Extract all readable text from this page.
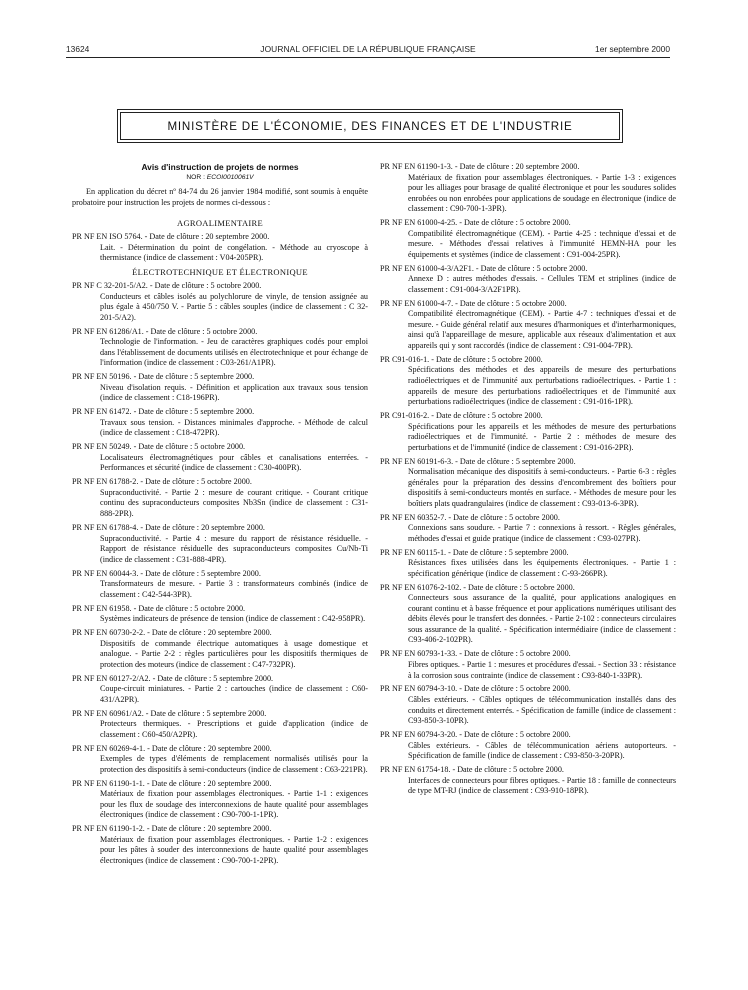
13624	JOURNAL OFFICIEL DE LA RÉPUBLIQUE FRANÇAISE	1er septembre 2000
MINISTÈRE DE L'ÉCONOMIE, DES FINANCES ET DE L'INDUSTRIE
Avis d'instruction de projets de normes
NOR : ECOI0010061V
En application du décret nº 84-74 du 26 janvier 1984 modifié, sont soumis à enquête probatoire pour instruction les projets de normes ci-dessous :
AGROALIMENTAIRE

PR NF EN ISO 5764. - Date de clôture : 20 septembre 2000.
Lait. - Détermination du point de congélation. - Méthode au cryoscope à thermistance (indice de classement : V04-205PR).

ÉLECTROTECHNIQUE ET ÉLECTRONIQUE

PR NF C 32-201-5/A2. - Date de clôture : 5 octobre 2000.
Conducteurs et câbles isolés au polychlorure de vinyle, de tension assignée au plus égale à 450/750 V. - Partie 5 : câbles souples (indice de classement : C 32-201-5/A2).

PR NF EN 61286/A1. - Date de clôture : 5 octobre 2000.
Technologie de l'information. - Jeu de caractères graphiques codés pour emploi dans l'établissement de documents utilisés en électrotechnique et pour échange de l'information (indice de classement : C03-261/A1PR).

PR NF EN 50196. - Date de clôture : 5 septembre 2000.
Niveau d'isolation requis. - Définition et application aux travaux sous tension (indice de classement : C18-196PR).

PR NF EN 61472. - Date de clôture : 5 septembre 2000.
Travaux sous tension. - Distances minimales d'approche. - Méthode de calcul (indice de classement : C18-472PR).

PR NF EN 50249. - Date de clôture : 5 octobre 2000.
Localisateurs électromagnétiques pour câbles et canalisations enterrées. - Performances et sécurité (indice de classement : C30-400PR).

PR NF EN 61788-2. - Date de clôture : 5 octobre 2000.
Supraconductivité. - Partie 2 : mesure de courant critique. - Courant critique continu des supraconducteurs composites Nb3Sn (indice de classement : C31-888-2PR).

PR NF EN 61788-4. - Date de clôture : 20 septembre 2000.
Supraconductivité. - Partie 4 : mesure du rapport de résistance résiduelle. - Rapport de résistance résiduelle des supraconducteurs composites Cu/Nb-Ti (indice de classement : C31-888-4PR).

PR NF EN 60044-3. - Date de clôture : 5 septembre 2000.
Transformateurs de mesure. - Partie 3 : transformateurs combinés (indice de classement : C42-544-3PR).

PR NF EN 61958. - Date de clôture : 5 octobre 2000.
Systèmes indicateurs de présence de tension (indice de classement : C42-958PR).

PR NF EN 60730-2-2. - Date de clôture : 20 septembre 2000.
Dispositifs de commande électrique automatiques à usage domestique et analogue. - Partie 2-2 : règles particulières pour les dispositifs thermiques de protection des moteurs (indice de classement : C47-732PR).

PR NF EN 60127-2/A2. - Date de clôture : 5 septembre 2000.
Coupe-circuit miniatures. - Partie 2 : cartouches (indice de classement : C60-431/A2PR).

PR NF EN 60961/A2. - Date de clôture : 5 septembre 2000.
Protecteurs thermiques. - Prescriptions et guide d'application (indice de classement : C60-450/A2PR).

PR NF EN 60269-4-1. - Date de clôture : 20 septembre 2000.
Exemples de types d'éléments de remplacement normalisés utilisés pour la protection des dispositifs à semi-conducteurs (indice de classement : C63-221PR).

PR NF EN 61190-1-1. - Date de clôture : 20 septembre 2000.
Matériaux de fixation pour assemblages électroniques. - Partie 1-1 : exigences pour les flux de soudage des interconnexions de haute qualité pour assemblages électroniques (indice de classement : C90-700-1-1PR).

PR NF EN 61190-1-2. - Date de clôture : 20 septembre 2000.
Matériaux de fixation pour assemblages électroniques. - Partie 1-2 : exigences pour les pâtes à souder des interconnexions de haute qualité pour assemblages électroniques (indice de classement : C90-700-1-2PR).

PR NF EN 61190-1-3. - Date de clôture : 20 septembre 2000.
Matériaux de fixation pour assemblages électroniques. - Partie 1-3 : exigences pour les alliages pour brasage de qualité électronique et pour les soudures solides enrobées ou non enrobées pour applications de soudage en électronique (indice de classement : C90-700-1-3PR).

PR NF EN 61000-4-25. - Date de clôture : 5 octobre 2000.
Compatibilité électromagnétique (CEM). - Partie 4-25 : technique d'essai et de mesure. - Méthodes d'essai relatives à l'immunité HEMN-HA pour les équipements et systèmes (indice de classement : C91-004-25PR).

PR NF EN 61000-4-3/A2F1. - Date de clôture : 5 octobre 2000.
Annexe D : autres méthodes d'essais. - Cellules TEM et striplines (indice de classement : C91-004-3/A2F1PR).

PR NF EN 61000-4-7. - Date de clôture : 5 octobre 2000.
Compatibilité électromagnétique (CEM). - Partie 4-7 : techniques d'essai et de mesure. - Guide général relatif aux mesures d'harmoniques et d'interharmoniques, ainsi qu'à l'appareillage de mesure, applicable aux réseaux d'alimentation et aux appareils qui y sont raccordés (indice de classement : C91-004-7PR).

PR C91-016-1. - Date de clôture : 5 octobre 2000.
Spécifications des méthodes et des appareils de mesure des perturbations radioélectriques et de l'immunité aux perturbations radioélectriques. - Partie 1 : appareils de mesure des perturbations radioélectriques et de l'immunité aux perturbations radioélectriques (indice de classement : C91-016-1PR).

PR C91-016-2. - Date de clôture : 5 octobre 2000.
Spécifications pour les appareils et les méthodes de mesure des perturbations radioélectriques et de l'immunité. - Partie 2 : méthodes de mesure des perturbations et de l'immunité (indice de classement : C91-016-2PR).

PR NF EN 60191-6-3. - Date de clôture : 5 septembre 2000.
Normalisation mécanique des dispositifs à semi-conducteurs. - Partie 6-3 : règles générales pour la préparation des dessins d'encombrement des boîtiers pour dispositifs à semi-conducteurs montés en surface. - Méthodes de mesure pour les boîtiers plats quadrangulaires (indice de classement : C93-013-6-3PR).

PR NF EN 60352-7. - Date de clôture : 5 octobre 2000.
Connexions sans soudure. - Partie 7 : connexions à ressort. - Règles générales, méthodes d'essai et guide pratique (indice de classement : C93-027PR).

PR NF EN 60115-1. - Date de clôture : 5 septembre 2000.
Résistances fixes utilisées dans les équipements électroniques. - Partie 1 : spécification générique (indice de classement : C-93-266PR).

PR NF EN 61076-2-102. - Date de clôture : 5 octobre 2000.
Connecteurs sous assurance de la qualité, pour applications analogiques en courant continu et à basse fréquence et pour applications numériques utilisant des débits élevés pour le transfert des données. - Partie 2-102 : connecteurs circulaires sous assurance de la qualité. - Spécification intermédiaire (indice de classement : C93-406-2-102PR).

PR NF EN 60793-1-33. - Date de clôture : 5 octobre 2000.
Fibres optiques. - Partie 1 : mesures et procédures d'essai. - Section 33 : résistance à la corrosion sous contrainte (indice de classement : C93-840-1-33PR).

PR NF EN 60794-3-10. - Date de clôture : 5 octobre 2000.
Câbles extérieurs. - Câbles optiques de télécommunication installés dans des conduits et directement enterrés. - Spécification de famille (indice de classement : C93-850-3-10PR).

PR NF EN 60794-3-20. - Date de clôture : 5 octobre 2000.
Câbles extérieurs. - Câbles de télécommunication aériens autoporteurs. - Spécification de famille (indice de classement : C93-850-3-20PR).

PR NF EN 61754-18. - Date de clôture : 5 octobre 2000.
Interfaces de connecteurs pour fibres optiques. - Partie 18 : famille de connecteurs de type MT-RJ (indice de classement : C93-910-18PR).
